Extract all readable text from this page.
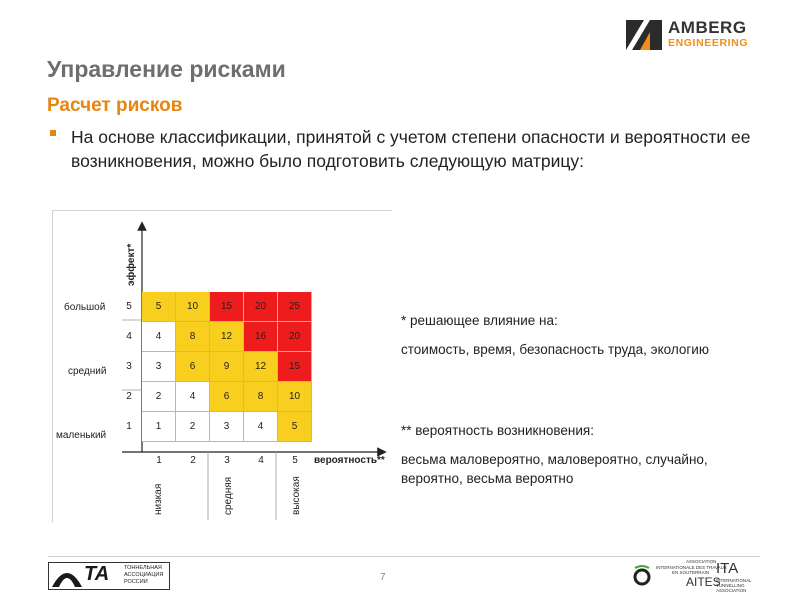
AMBERG
ENGINEERING
Управление рисками
Расчет рисков
На основе классификации, принятой с учетом степени опасности и вероятности ее возникновения, можно было подготовить следующую матрицу:
эффект*
вероятность**
большой
средний
маленький
5
4
3
2
1
5	10	15	20	25
4	8	12	16	20
3	6	9	12	15
2	4	6	8	10
1	2	3	4	5
1	2	3	4	5
низкая	средняя	высокая
* решающее влияние на:
стоимость, время, безопасность труда, экологию
** вероятность возникновения:
весьма маловероятно, маловероятно, случайно,
вероятно, весьма вероятно
7
TA	ТОННЕЛЬНАЯ
АССОЦИАЦИЯ
РОССИИ
ASSOCIATION
INTERNATIONALE DES TRAVAUX
EN SOUTERRAIN ITA
AITES
INTERNATIONAL
TUNNELLING
ASSOCIATION
